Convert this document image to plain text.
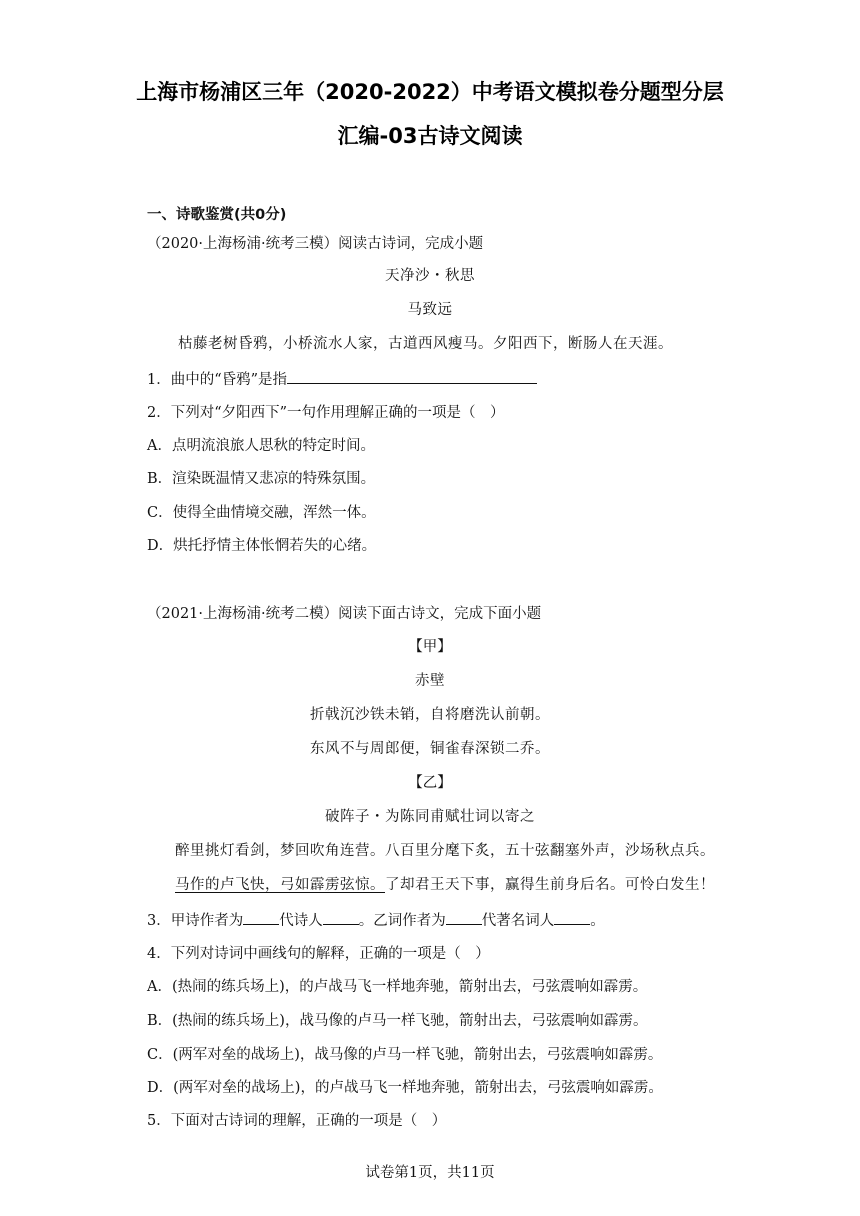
上海市杨浦区三年（2020-2022）中考语文模拟卷分题型分层
汇编-03古诗文阅读
一、诗歌鉴赏(共0分)
（2020·上海杨浦·统考三模）阅读古诗词，完成小题
天净沙・秋思
马致远
枯藤老树昏鸦，小桥流水人家，古道西风瘦马。夕阳西下，断肠人在天涯。
1．曲中的“昏鸦”是指
2．下列对“夕阳西下”一句作用理解正确的一项是（　）
A．点明流浪旅人思秋的特定时间。
B．渲染既温情又悲凉的特殊氛围。
C．使得全曲情境交融，浑然一体。
D．烘托抒情主体怅惘若失的心绪。
（2021·上海杨浦·统考二模）阅读下面古诗文，完成下面小题
【甲】
赤壁
折戟沉沙铁未销，自将磨洗认前朝。
东风不与周郎便，铜雀春深锁二乔。
【乙】
破阵子・为陈同甫赋壮词以寄之
醉里挑灯看剑，梦回吹角连营。八百里分麾下炙，五十弦翻塞外声，沙场秋点兵。
马作的卢飞快，弓如霹雳弦惊。了却君王天下事，赢得生前身后名。可怜白发生！
3．甲诗作者为 代诗人 。乙词作者为 代著名词人 。
4．下列对诗词中画线句的解释，正确的一项是（　）
A．(热闹的练兵场上)，的卢战马飞一样地奔驰，箭射出去，弓弦震响如霹雳。
B．(热闹的练兵场上)，战马像的卢马一样飞驰，箭射出去，弓弦震响如霹雳。
C．(两军对垒的战场上)，战马像的卢马一样飞驰，箭射出去，弓弦震响如霹雳。
D．(两军对垒的战场上)，的卢战马飞一样地奔驰，箭射出去，弓弦震响如霹雳。
5．下面对古诗词的理解，正确的一项是（　）
试卷第1页，共11页
